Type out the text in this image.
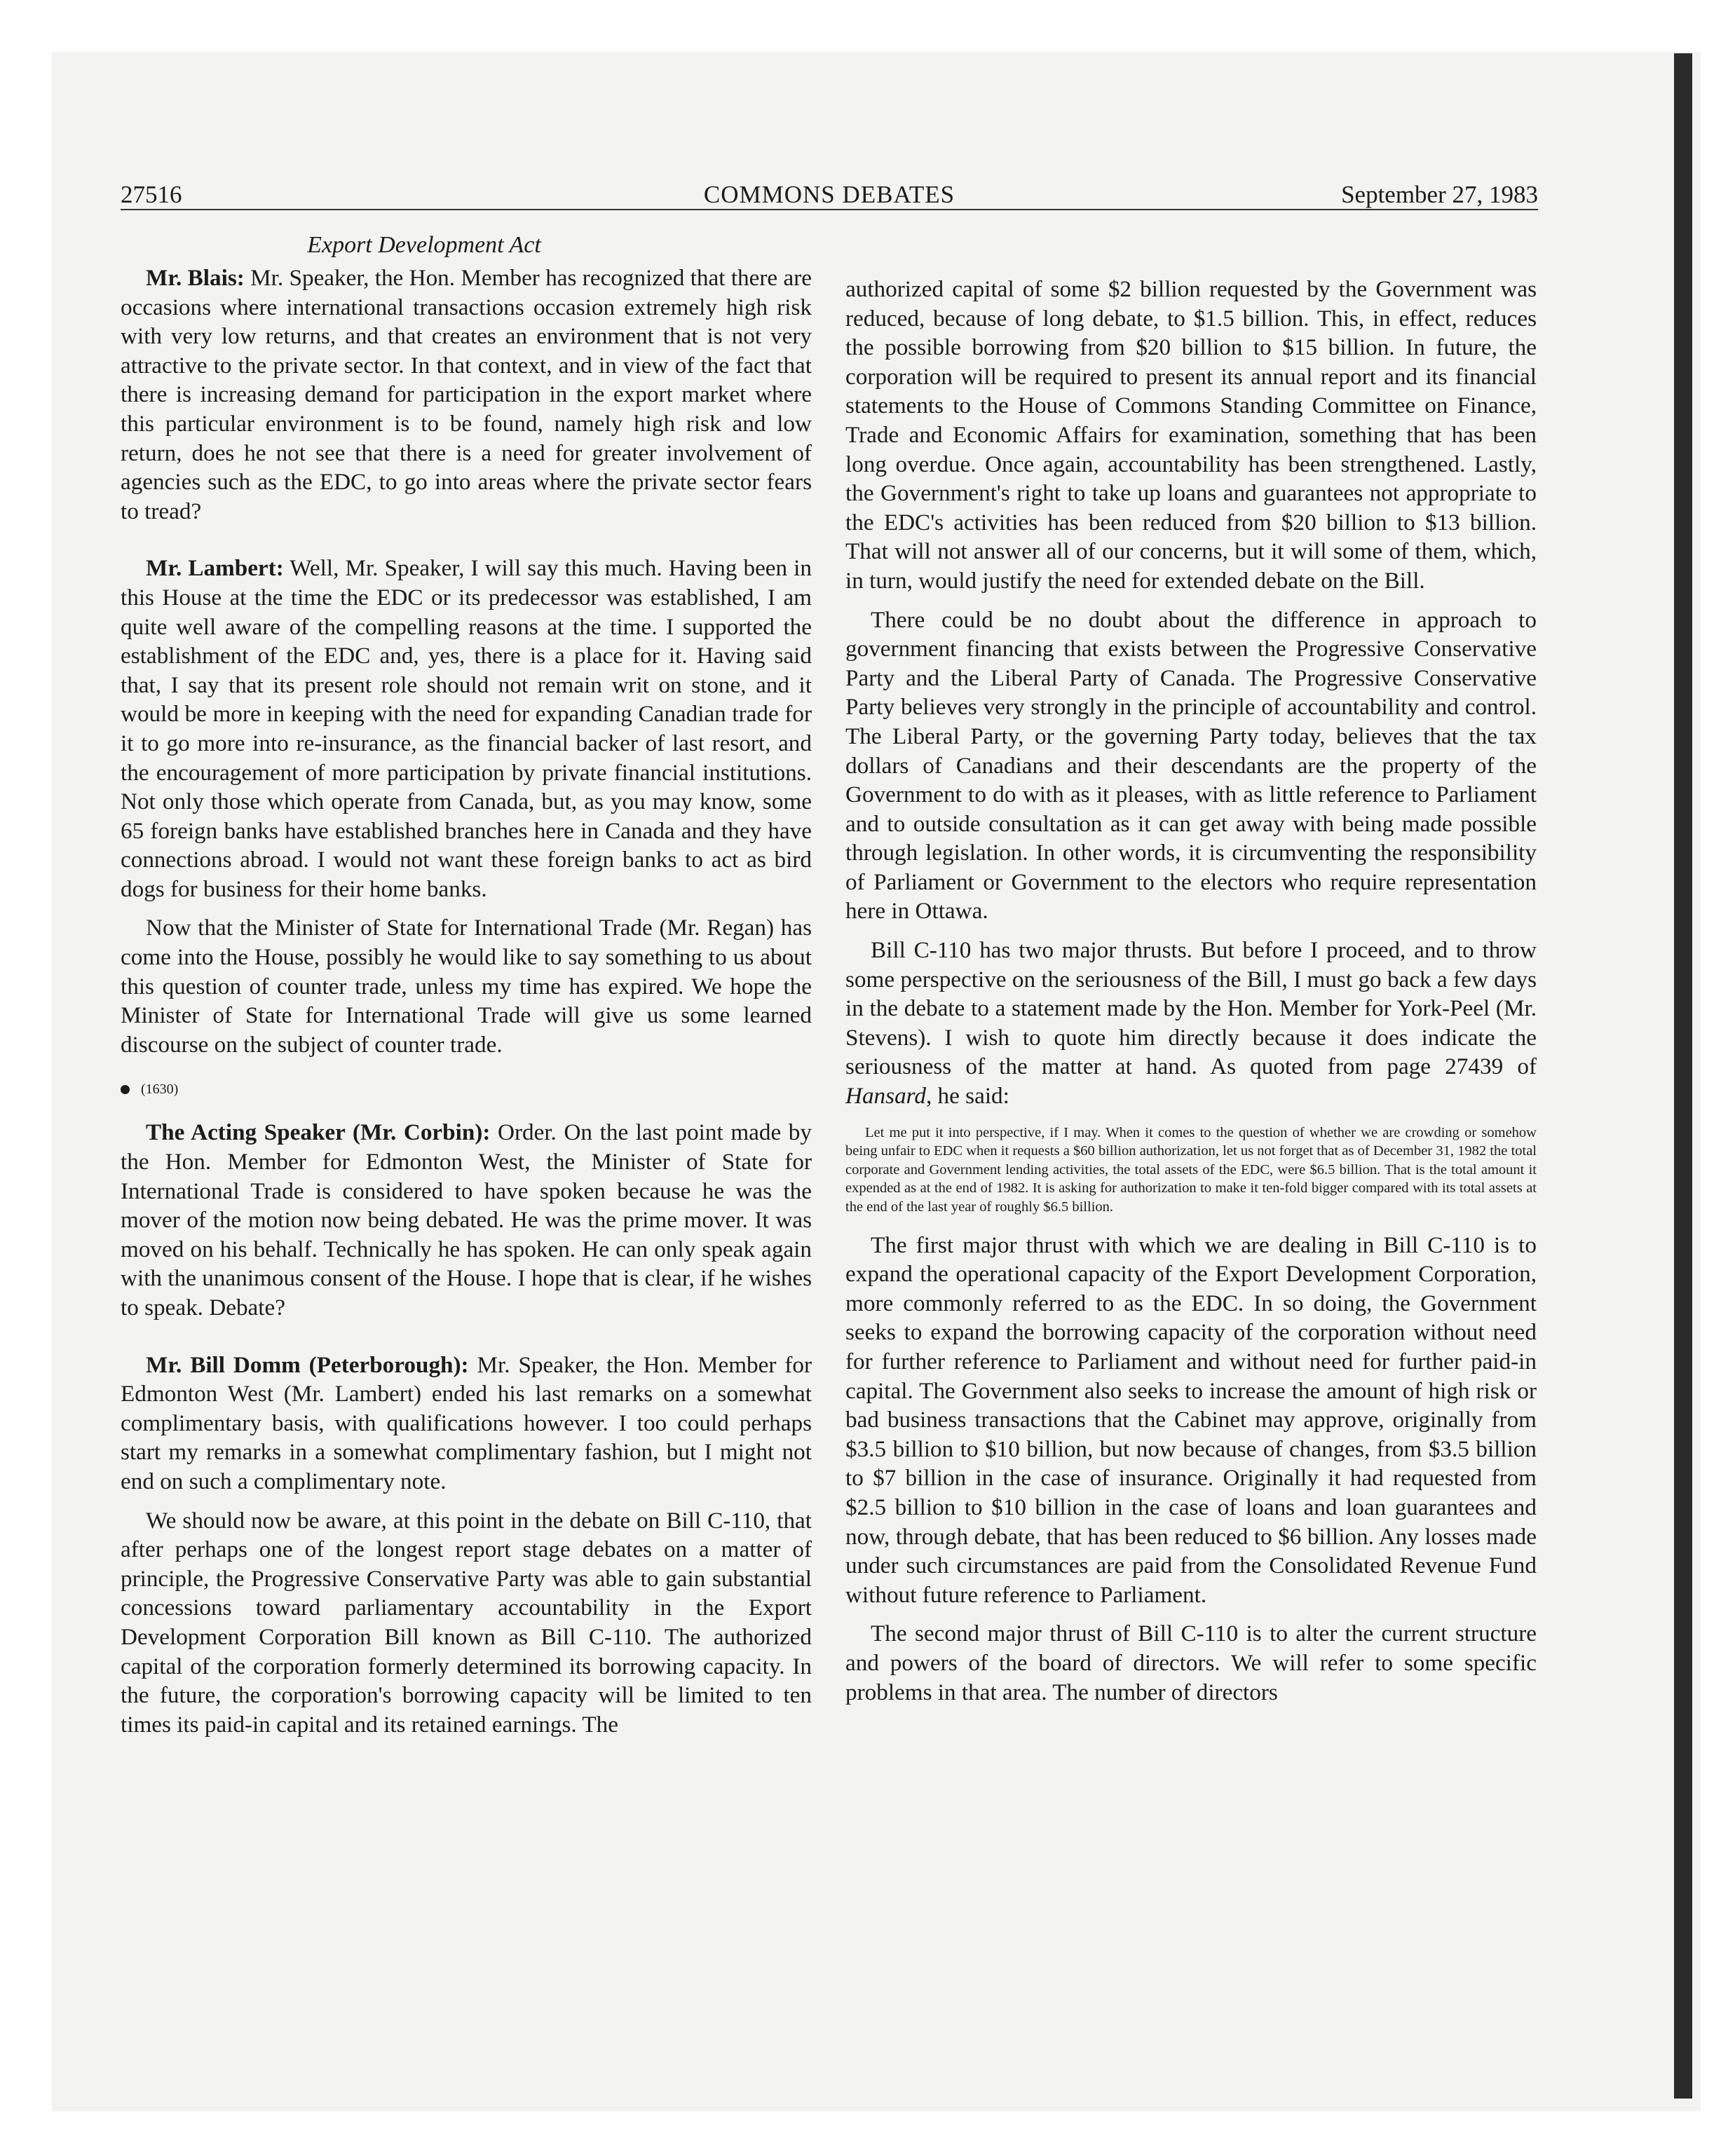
27516	COMMONS DEBATES	September 27, 1983
Export Development Act

Mr. Blais: Mr. Speaker, the Hon. Member has recognized that there are occasions where international transactions occasion extremely high risk with very low returns, and that creates an environment that is not very attractive to the private sector. In that context, and in view of the fact that there is increasing demand for participation in the export market where this particular environment is to be found, namely high risk and low return, does he not see that there is a need for greater involvement of agencies such as the EDC, to go into areas where the private sector fears to tread?

Mr. Lambert: Well, Mr. Speaker, I will say this much. Having been in this House at the time the EDC or its predecessor was established, I am quite well aware of the compelling reasons at the time. I supported the establishment of the EDC and, yes, there is a place for it. Having said that, I say that its present role should not remain writ on stone, and it would be more in keeping with the need for expanding Canadian trade for it to go more into re-insurance, as the financial backer of last resort, and the encouragement of more participation by private financial institutions. Not only those which operate from Canada, but, as you may know, some 65 foreign banks have established branches here in Canada and they have connections abroad. I would not want these foreign banks to act as bird dogs for business for their home banks.

Now that the Minister of State for International Trade (Mr. Regan) has come into the House, possibly he would like to say something to us about this question of counter trade, unless my time has expired. We hope the Minister of State for International Trade will give us some learned discourse on the subject of counter trade.

(1630)

The Acting Speaker (Mr. Corbin): Order. On the last point made by the Hon. Member for Edmonton West, the Minister of State for International Trade is considered to have spoken because he was the mover of the motion now being debated. He was the prime mover. It was moved on his behalf. Technically he has spoken. He can only speak again with the unanimous consent of the House. I hope that is clear, if he wishes to speak. Debate?

Mr. Bill Domm (Peterborough): Mr. Speaker, the Hon. Member for Edmonton West (Mr. Lambert) ended his last remarks on a somewhat complimentary basis, with qualifications however. I too could perhaps start my remarks in a somewhat complimentary fashion, but I might not end on such a complimentary note.

We should now be aware, at this point in the debate on Bill C-110, that after perhaps one of the longest report stage debates on a matter of principle, the Progressive Conservative Party was able to gain substantial concessions toward parliamentary accountability in the Export Development Corporation Bill known as Bill C-110. The authorized capital of the corporation formerly determined its borrowing capacity. In the future, the corporation's borrowing capacity will be limited to ten times its paid-in capital and its retained earnings. The

authorized capital of some $2 billion requested by the Government was reduced, because of long debate, to $1.5 billion. This, in effect, reduces the possible borrowing from $20 billion to $15 billion. In future, the corporation will be required to present its annual report and its financial statements to the House of Commons Standing Committee on Finance, Trade and Economic Affairs for examination, something that has been long overdue. Once again, accountability has been strengthened. Lastly, the Government's right to take up loans and guarantees not appropriate to the EDC's activities has been reduced from $20 billion to $13 billion. That will not answer all of our concerns, but it will some of them, which, in turn, would justify the need for extended debate on the Bill.

There could be no doubt about the difference in approach to government financing that exists between the Progressive Conservative Party and the Liberal Party of Canada. The Progressive Conservative Party believes very strongly in the principle of accountability and control. The Liberal Party, or the governing Party today, believes that the tax dollars of Canadians and their descendants are the property of the Government to do with as it pleases, with as little reference to Parliament and to outside consultation as it can get away with being made possible through legislation. In other words, it is circumventing the responsibility of Parliament or Government to the electors who require representation here in Ottawa.

Bill C-110 has two major thrusts. But before I proceed, and to throw some perspective on the seriousness of the Bill, I must go back a few days in the debate to a statement made by the Hon. Member for York-Peel (Mr. Stevens). I wish to quote him directly because it does indicate the seriousness of the matter at hand. As quoted from page 27439 of Hansard, he said:

Let me put it into perspective, if I may. When it comes to the question of whether we are crowding or somehow being unfair to EDC when it requests a $60 billion authorization, let us not forget that as of December 31, 1982 the total corporate and Government lending activities, the total assets of the EDC, were $6.5 billion. That is the total amount it expended as at the end of 1982. It is asking for authorization to make it ten-fold bigger compared with its total assets at the end of the last year of roughly $6.5 billion.

The first major thrust with which we are dealing in Bill C-110 is to expand the operational capacity of the Export Development Corporation, more commonly referred to as the EDC. In so doing, the Government seeks to expand the borrowing capacity of the corporation without need for further reference to Parliament and without need for further paid-in capital. The Government also seeks to increase the amount of high risk or bad business transactions that the Cabinet may approve, originally from $3.5 billion to $10 billion, but now because of changes, from $3.5 billion to $7 billion in the case of insurance. Originally it had requested from $2.5 billion to $10 billion in the case of loans and loan guarantees and now, through debate, that has been reduced to $6 billion. Any losses made under such circumstances are paid from the Consolidated Revenue Fund without future reference to Parliament.

The second major thrust of Bill C-110 is to alter the current structure and powers of the board of directors. We will refer to some specific problems in that area. The number of directors
